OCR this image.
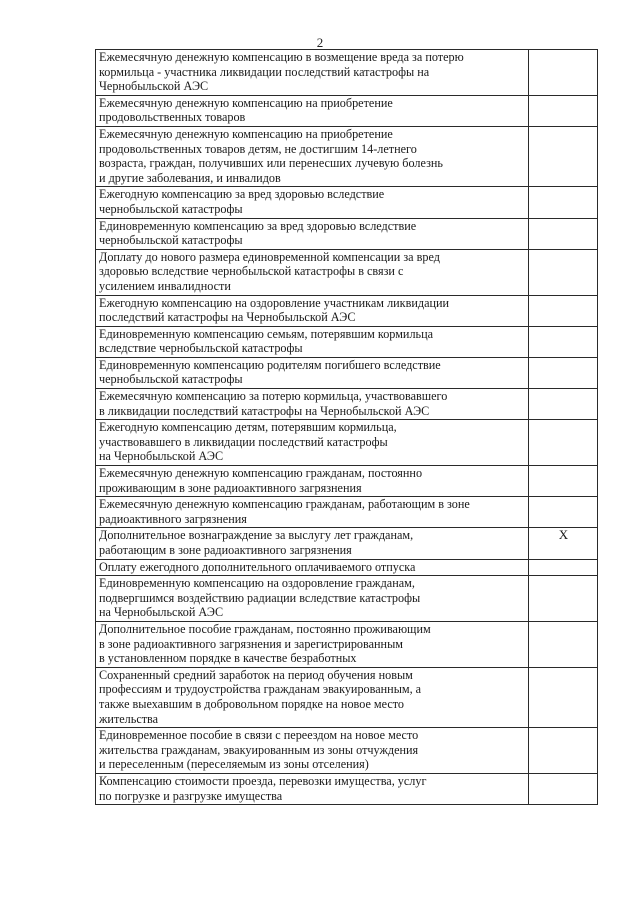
2
Ежемесячную денежную компенсацию в возмещение вреда за потерю
кормильца - участника ликвидации последствий катастрофы на
Чернобыльской АЭС	

Ежемесячную денежную компенсацию на приобретение
продовольственных товаров	

Ежемесячную денежную компенсацию на приобретение
продовольственных товаров детям, не достигшим 14-летнего
возраста, граждан, получивших или перенесших лучевую болезнь
и другие заболевания, и инвалидов	

Ежегодную компенсацию за вред здоровью вследствие
чернобыльской катастрофы	

Единовременную компенсацию за вред здоровью вследствие
чернобыльской катастрофы	

Доплату до нового размера единовременной компенсации за вред
здоровью вследствие чернобыльской катастрофы в связи с
усилением инвалидности	

Ежегодную компенсацию на оздоровление участникам ликвидации
последствий катастрофы на Чернобыльской АЭС	

Единовременную компенсацию семьям, потерявшим кормильца
вследствие чернобыльской катастрофы	

Единовременную компенсацию родителям погибшего вследствие
чернобыльской катастрофы	

Ежемесячную компенсацию за потерю кормильца, участвовавшего
в ликвидации последствий катастрофы на Чернобыльской АЭС	

Ежегодную компенсацию детям, потерявшим кормильца,
участвовавшего в ликвидации последствий катастрофы
на Чернобыльской АЭС	

Ежемесячную денежную компенсацию гражданам, постоянно
проживающим в зоне радиоактивного загрязнения	

Ежемесячную денежную компенсацию гражданам, работающим в зоне
радиоактивного загрязнения	

Дополнительное вознаграждение за выслугу лет гражданам,
работающим в зоне радиоактивного загрязнения	X

Оплату ежегодного дополнительного оплачиваемого отпуска	

Единовременную компенсацию на оздоровление гражданам,
подвергшимся воздействию радиации вследствие катастрофы
на Чернобыльской АЭС	

Дополнительное пособие гражданам, постоянно проживающим
в зоне радиоактивного загрязнения и зарегистрированным
в установленном порядке в качестве безработных	

Сохраненный средний заработок на период обучения новым
профессиям и трудоустройства гражданам эвакуированным, а
также выехавшим в добровольном порядке на новое место
жительства	

Единовременное пособие в связи с переездом на новое место
жительства гражданам, эвакуированным из зоны отчуждения
и переселенным (переселяемым из зоны отселения)	

Компенсацию стоимости проезда, перевозки имущества, услуг
по погрузке и разгрузке имущества	
